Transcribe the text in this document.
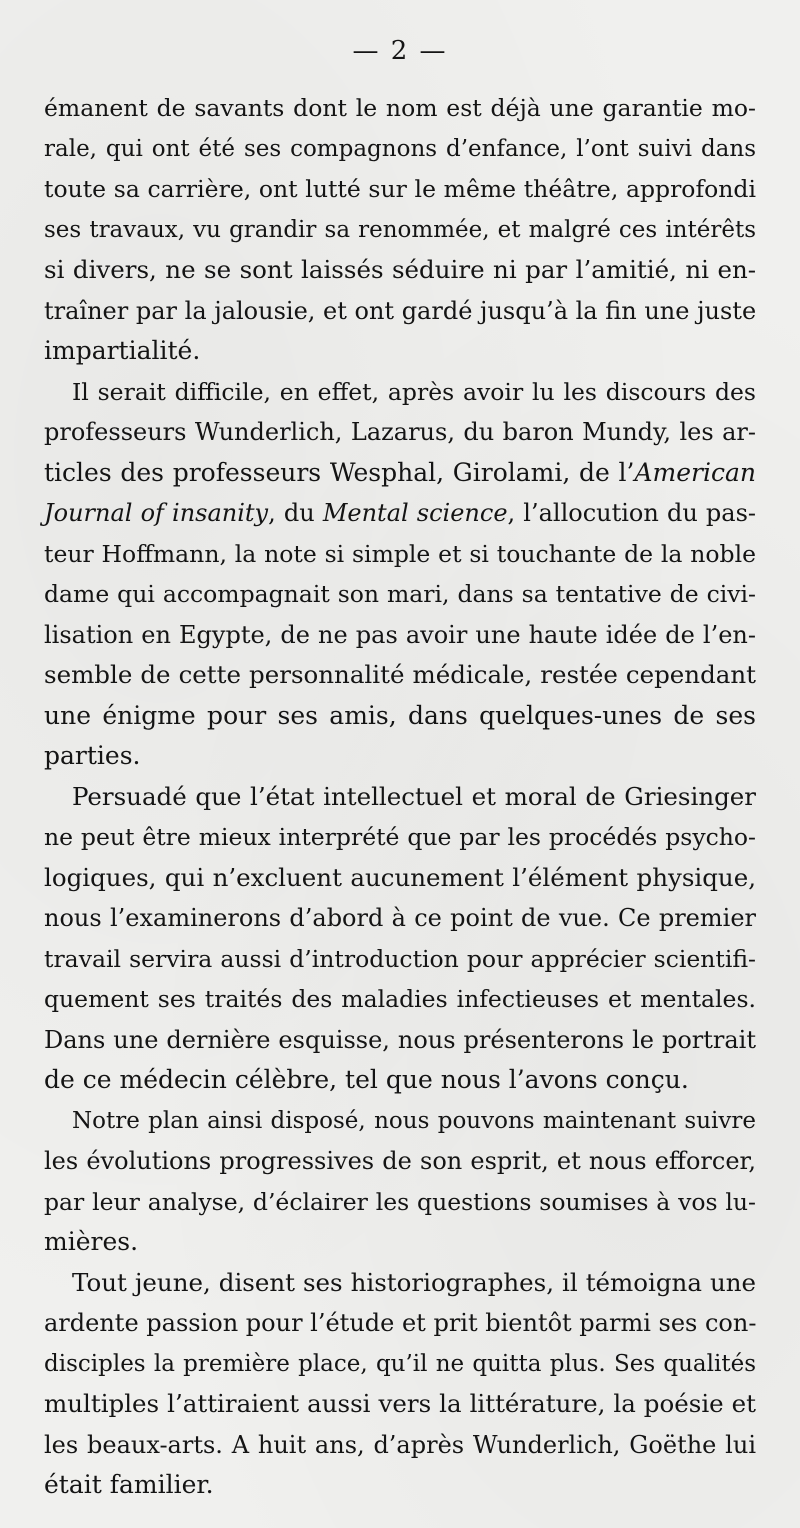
— 2 —

émanent de savants dont le nom est déjà une garantie mo-
rale, qui ont été ses compagnons d’enfance, l’ont suivi dans
toute sa carrière, ont lutté sur le même théâtre, approfondi
ses travaux, vu grandir sa renommée, et malgré ces intérêts
si divers, ne se sont laissés séduire ni par l’amitié, ni en-
traîner par la jalousie, et ont gardé jusqu’à la fin une juste
impartialité.

Il serait difficile, en effet, après avoir lu les discours des
professeurs Wunderlich, Lazarus, du baron Mundy, les ar-
ticles des professeurs Wesphal, Girolami, de l’American
Journal of insanity, du Mental science, l’allocution du pas-
teur Hoffmann, la note si simple et si touchante de la noble
dame qui accompagnait son mari, dans sa tentative de civi-
lisation en Egypte, de ne pas avoir une haute idée de l’en-
semble de cette personnalité médicale, restée cependant
une énigme pour ses amis, dans quelques-unes de ses
parties.

Persuadé que l’état intellectuel et moral de Griesinger
ne peut être mieux interprété que par les procédés psycho-
logiques, qui n’excluent aucunement l’élément physique,
nous l’examinerons d’abord à ce point de vue. Ce premier
travail servira aussi d’introduction pour apprécier scientifi-
quement ses traités des maladies infectieuses et mentales.
Dans une dernière esquisse, nous présenterons le portrait
de ce médecin célèbre, tel que nous l’avons conçu.

Notre plan ainsi disposé, nous pouvons maintenant suivre
les évolutions progressives de son esprit, et nous efforcer,
par leur analyse, d’éclairer les questions soumises à vos lu-
mières.

Tout jeune, disent ses historiographes, il témoigna une
ardente passion pour l’étude et prit bientôt parmi ses con-
disciples la première place, qu’il ne quitta plus. Ses qualités
multiples l’attiraient aussi vers la littérature, la poésie et
les beaux-arts. A huit ans, d’après Wunderlich, Goëthe lui
était familier.
